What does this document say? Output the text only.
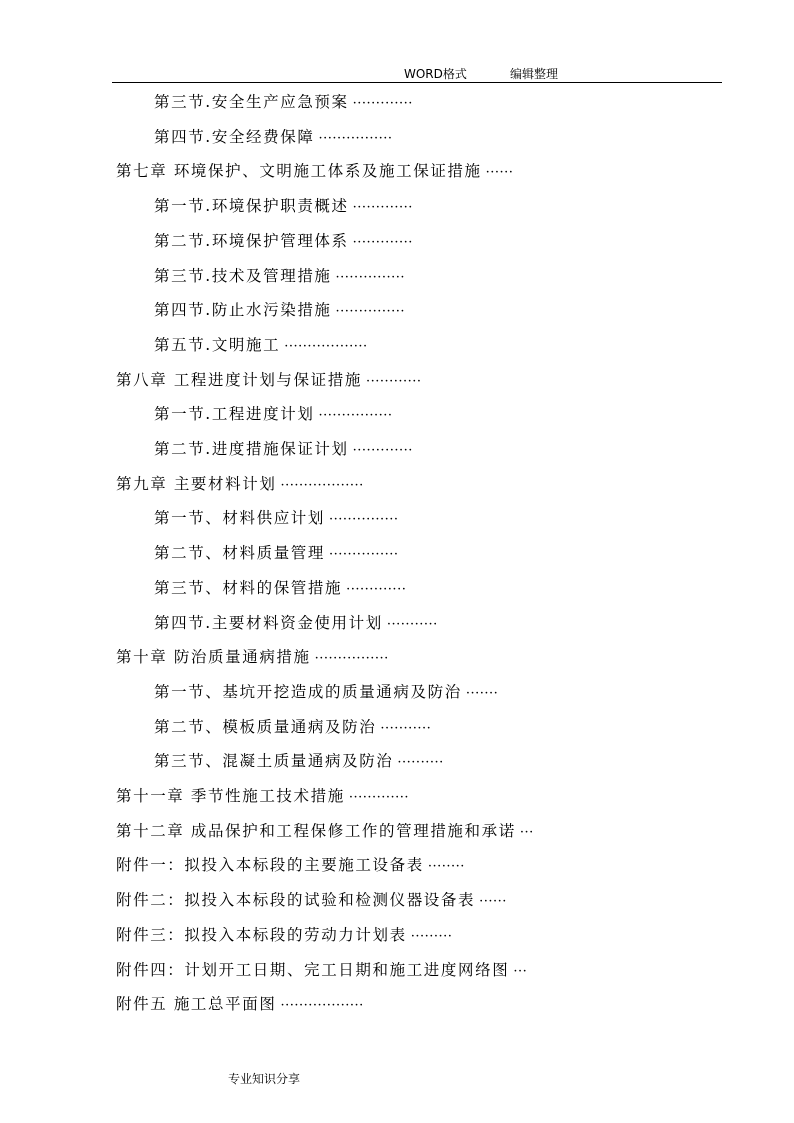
WORD格式	编辑整理
第三节.安全生产应急预案 ·············
第四节.安全经费保障 ················
第七章 环境保护、文明施工体系及施工保证措施 ······
第一节.环境保护职责概述 ·············
第二节.环境保护管理体系 ·············
第三节.技术及管理措施 ···············
第四节.防止水污染措施 ···············
第五节.文明施工 ··················
第八章 工程进度计划与保证措施 ············
第一节.工程进度计划 ················
第二节.进度措施保证计划 ·············
第九章 主要材料计划 ··················
第一节、材料供应计划 ···············
第二节、材料质量管理 ···············
第三节、材料的保管措施 ·············
第四节.主要材料资金使用计划 ···········
第十章 防治质量通病措施 ················
第一节、基坑开挖造成的质量通病及防治 ·······
第二节、模板质量通病及防治 ···········
第三节、混凝土质量通病及防治 ··········
第十一章 季节性施工技术措施 ·············
第十二章 成品保护和工程保修工作的管理措施和承诺 ···
附件一：拟投入本标段的主要施工设备表 ········
附件二：拟投入本标段的试验和检测仪器设备表 ······
附件三：拟投入本标段的劳动力计划表 ·········
附件四：计划开工日期、完工日期和施工进度网络图 ···
附件五 施工总平面图 ··················
专业知识分享
